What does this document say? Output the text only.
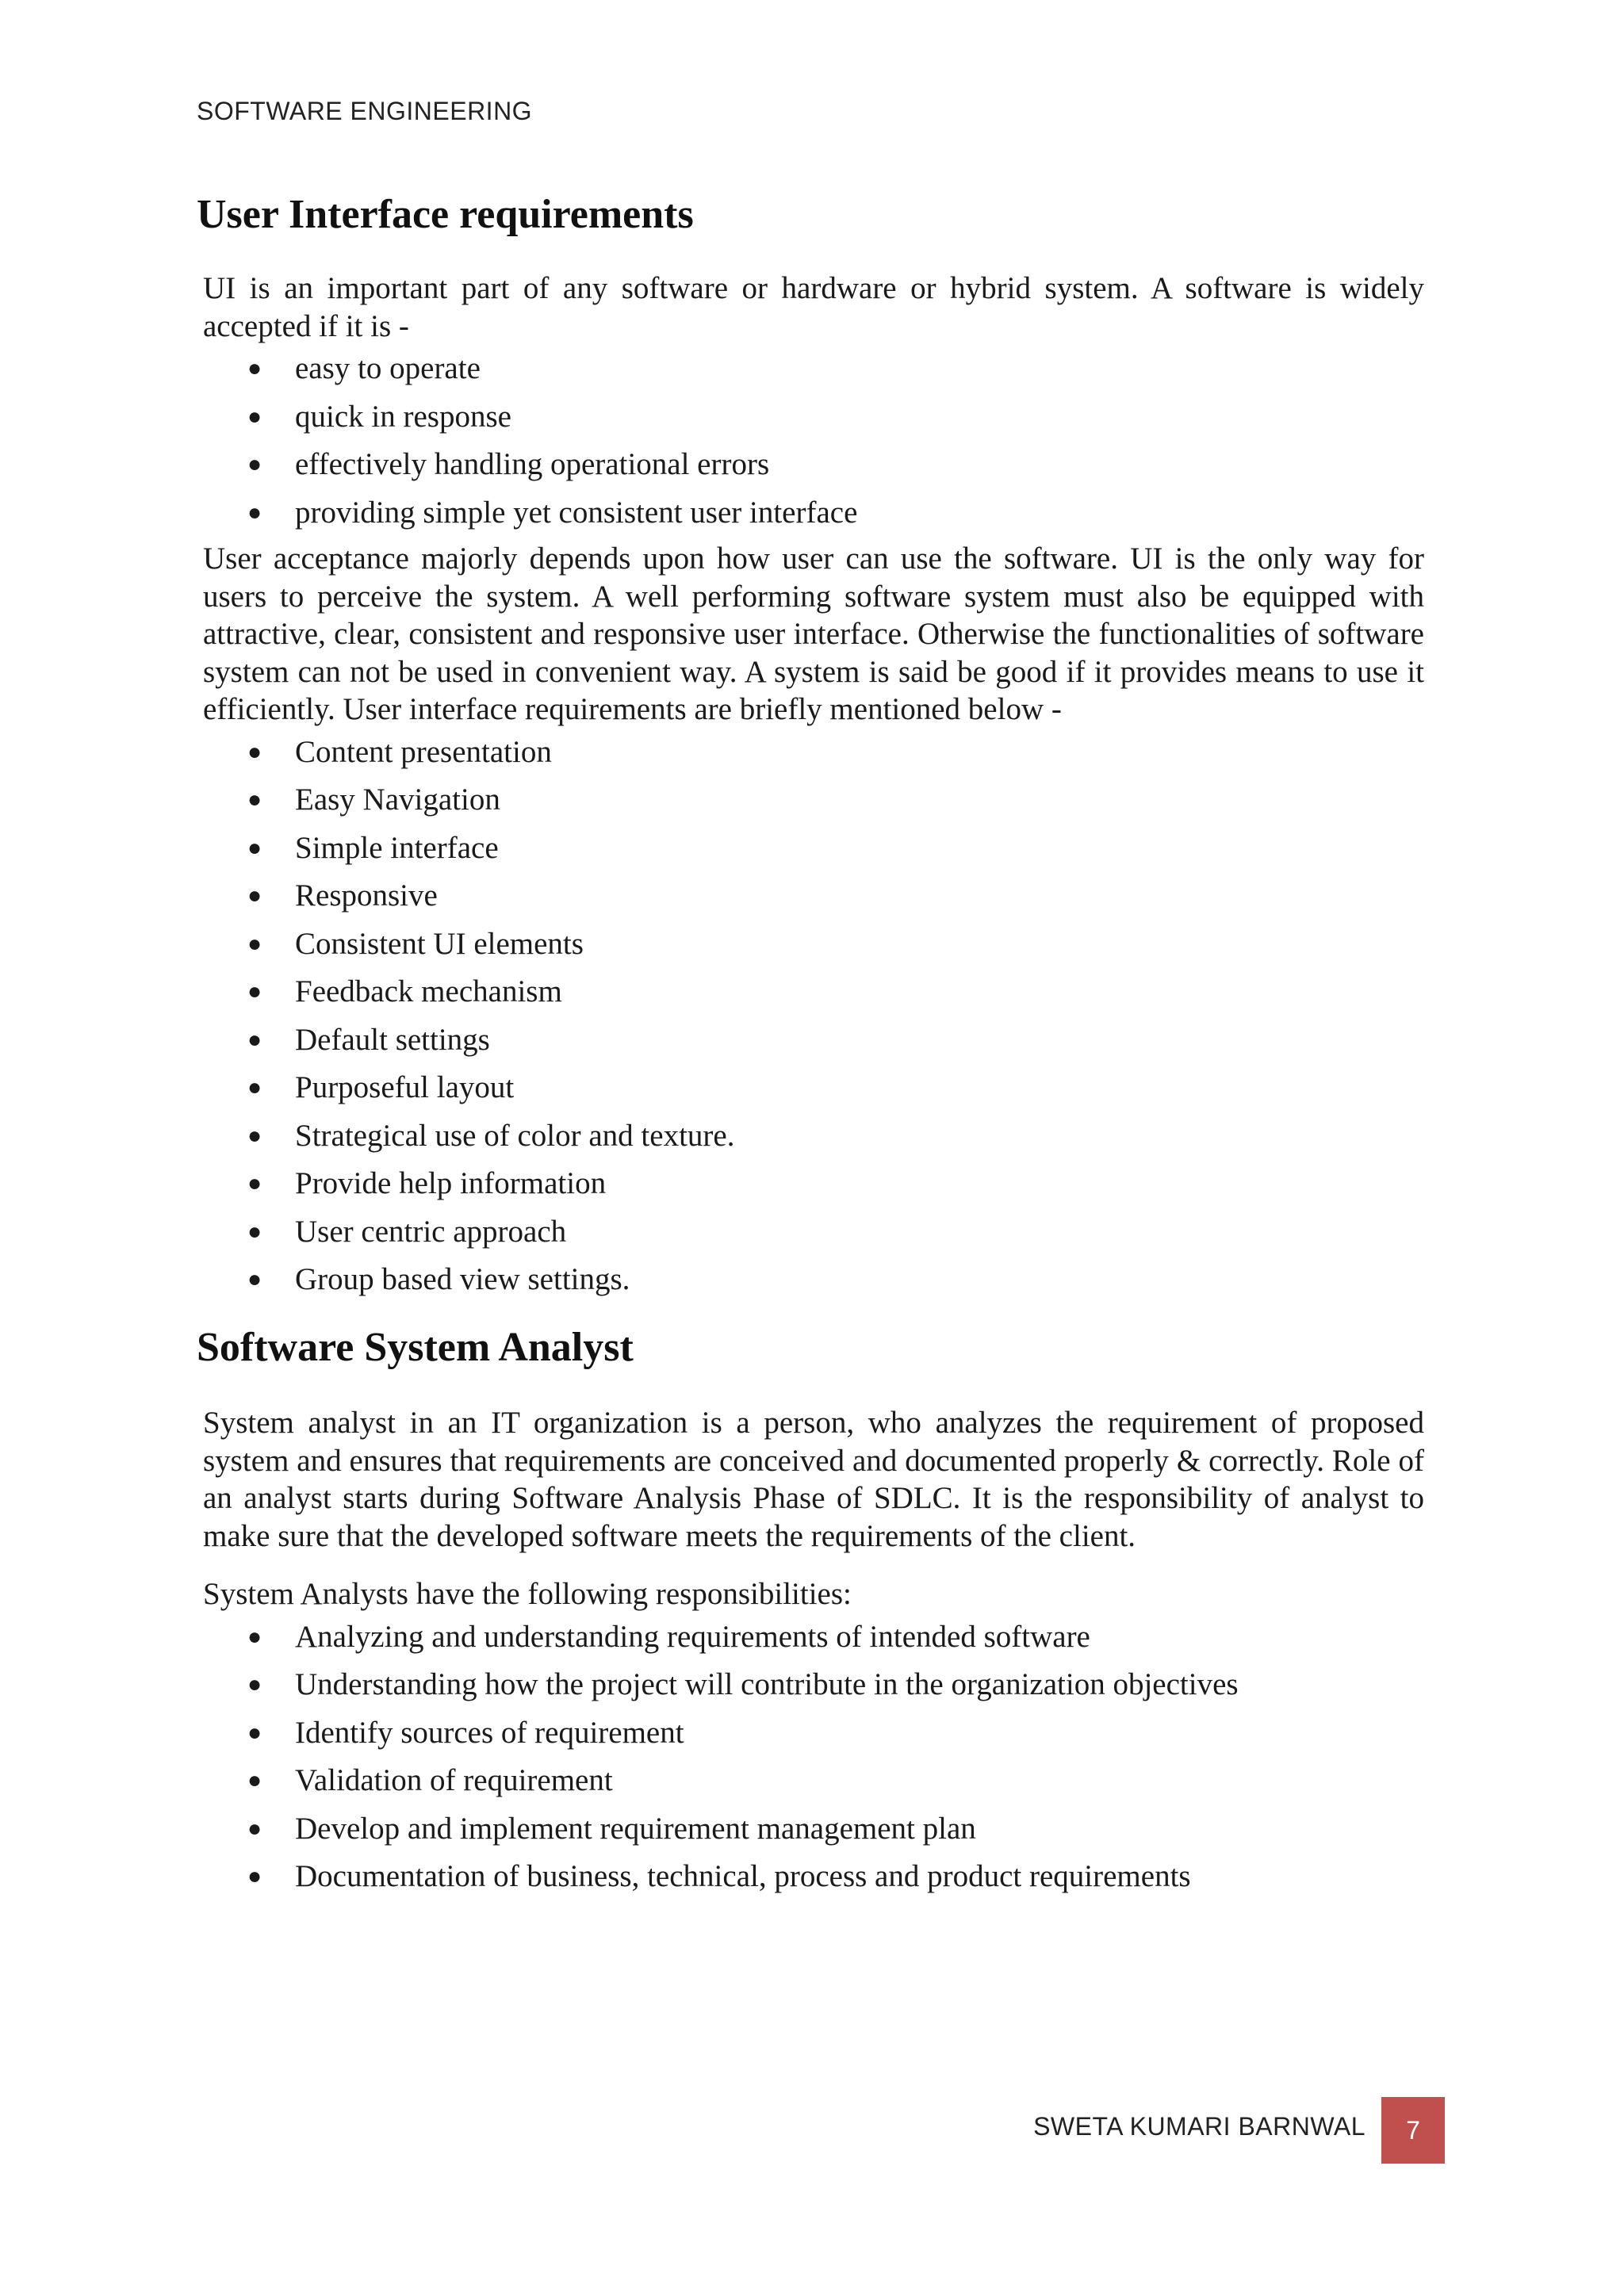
SOFTWARE ENGINEERING
User Interface requirements

UI is an important part of any software or hardware or hybrid system. A software is widely accepted if it is -

● easy to operate
● quick in response
● effectively handling operational errors
● providing simple yet consistent user interface

User acceptance majorly depends upon how user can use the software. UI is the only way for users to perceive the system. A well performing software system must also be equipped with attractive, clear, consistent and responsive user interface. Otherwise the functionalities of software system can not be used in convenient way. A system is said be good if it provides means to use it efficiently. User interface requirements are briefly mentioned below -

● Content presentation
● Easy Navigation
● Simple interface
● Responsive
● Consistent UI elements
● Feedback mechanism
● Default settings
● Purposeful layout
● Strategical use of color and texture.
● Provide help information
● User centric approach
● Group based view settings.
Software System Analyst

System analyst in an IT organization is a person, who analyzes the requirement of proposed system and ensures that requirements are conceived and documented properly & correctly. Role of an analyst starts during Software Analysis Phase of SDLC. It is the responsibility of analyst to make sure that the developed software meets the requirements of the client.

System Analysts have the following responsibilities:

● Analyzing and understanding requirements of intended software
● Understanding how the project will contribute in the organization objectives
● Identify sources of requirement
● Validation of requirement
● Develop and implement requirement management plan
● Documentation of business, technical, process and product requirements
SWETA KUMARI BARNWAL	7
